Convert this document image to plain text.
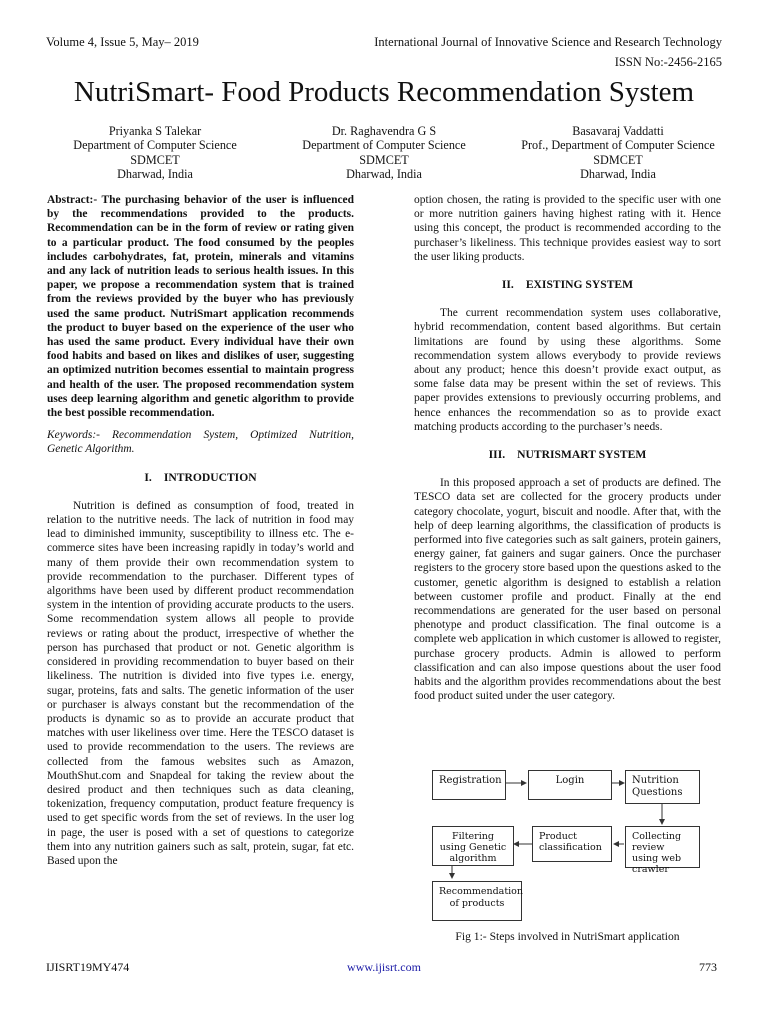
Volume 4, Issue 5, May– 2019	International Journal of Innovative Science and Research Technology
ISSN No:-2456-2165
NutriSmart- Food Products Recommendation System
Priyanka S Talekar
Department of Computer Science
SDMCET
Dharwad, India
Dr. Raghavendra G S
Department of Computer Science
SDMCET
Dharwad, India
Basavaraj Vaddatti
Prof., Department of Computer Science
SDMCET
Dharwad, India

Abstract:- The purchasing behavior of the user is influenced by the recommendations provided to the products. Recommendation can be in the form of review or rating given to a particular product. The food consumed by the peoples includes carbohydrates, fat, protein, minerals and vitamins and any lack of nutrition leads to serious health issues. In this paper, we propose a recommendation system that is trained from the reviews provided by the buyer who has previously used the same product. NutriSmart application recommends the product to buyer based on the experience of the user who has used the same product. Every individual have their own food habits and based on likes and dislikes of user, suggesting an optimized nutrition becomes essential to maintain progress and health of the user. The proposed recommendation system uses deep learning algorithm and genetic algorithm to provide the best possible recommendation.

Keywords:- Recommendation System, Optimized Nutrition, Genetic Algorithm.

I. INTRODUCTION

Nutrition is defined as consumption of food, treated in relation to the nutritive needs. The lack of nutrition in food may lead to diminished immunity, susceptibility to illness etc. The e-commerce sites have been increasing rapidly in today’s world and many of them provide their own recommendation system to provide recommendation to the purchaser. Different types of algorithms have been used by different product recommendation system in the intention of providing accurate products to the users. Some recommendation system allows all people to provide reviews or rating about the product, irrespective of whether the person has purchased that product or not. Genetic algorithm is considered in providing recommendation to buyer based on their likeliness. The nutrition is divided into five types i.e. energy, sugar, proteins, fats and salts. The genetic information of the user or purchaser is always constant but the recommendation of the products is dynamic so as to provide an accurate product that matches with user likeliness over time. Here the TESCO dataset is used to provide recommendation to the users. The reviews are collected from the famous websites such as Amazon, MouthShut.com and Snapdeal for taking the review about the desired product and then techniques such as data cleaning, tokenization, frequency computation, product feature frequency is used to get specific words from the set of reviews. In the user log in page, the user is posed with a set of questions to categorize them into any nutrition gainers such as salt, protein, sugar, fat etc. Based upon the

option chosen, the rating is provided to the specific user with one or more nutrition gainers having highest rating with it. Hence using this concept, the product is recommended according to the purchaser’s likeliness. This technique provides easiest way to sort the user liking products.

II. EXISTING SYSTEM

The current recommendation system uses collaborative, hybrid recommendation, content based algorithms. But certain limitations are found by using these algorithms. Some recommendation system allows everybody to provide reviews about any product; hence this doesn’t provide exact output, as some false data may be present within the set of reviews. This paper provides extensions to previously occurring problems, and hence enhances the recommendation so as to provide exact matching products according to the purchaser’s needs.

III. NUTRISMART SYSTEM

In this proposed approach a set of products are defined. The TESCO data set are collected for the grocery products under category chocolate, yogurt, biscuit and noodle. After that, with the help of deep learning algorithms, the classification of products is performed into five categories such as salt gainers, protein gainers, energy gainer, fat gainers and sugar gainers. Once the purchaser registers to the grocery store based upon the questions asked to the customer, genetic algorithm is designed to establish a relation between customer profile and product. Finally at the end recommendations are generated for the user based on personal phenotype and product classification. The final outcome is a complete web application in which customer is allowed to register, purchase grocery products. Admin is allowed to perform classification and can also impose questions about the user food habits and the algorithm provides recommendations about the best food product suited under the user category.

Registration	Login	Nutrition Questions
Collecting review using web crawler
Product classification
Filtering using Genetic algorithm
Recommendation of products
Fig 1:- Steps involved in NutriSmart application
IJISRT19MY474	www.ijisrt.com	773
